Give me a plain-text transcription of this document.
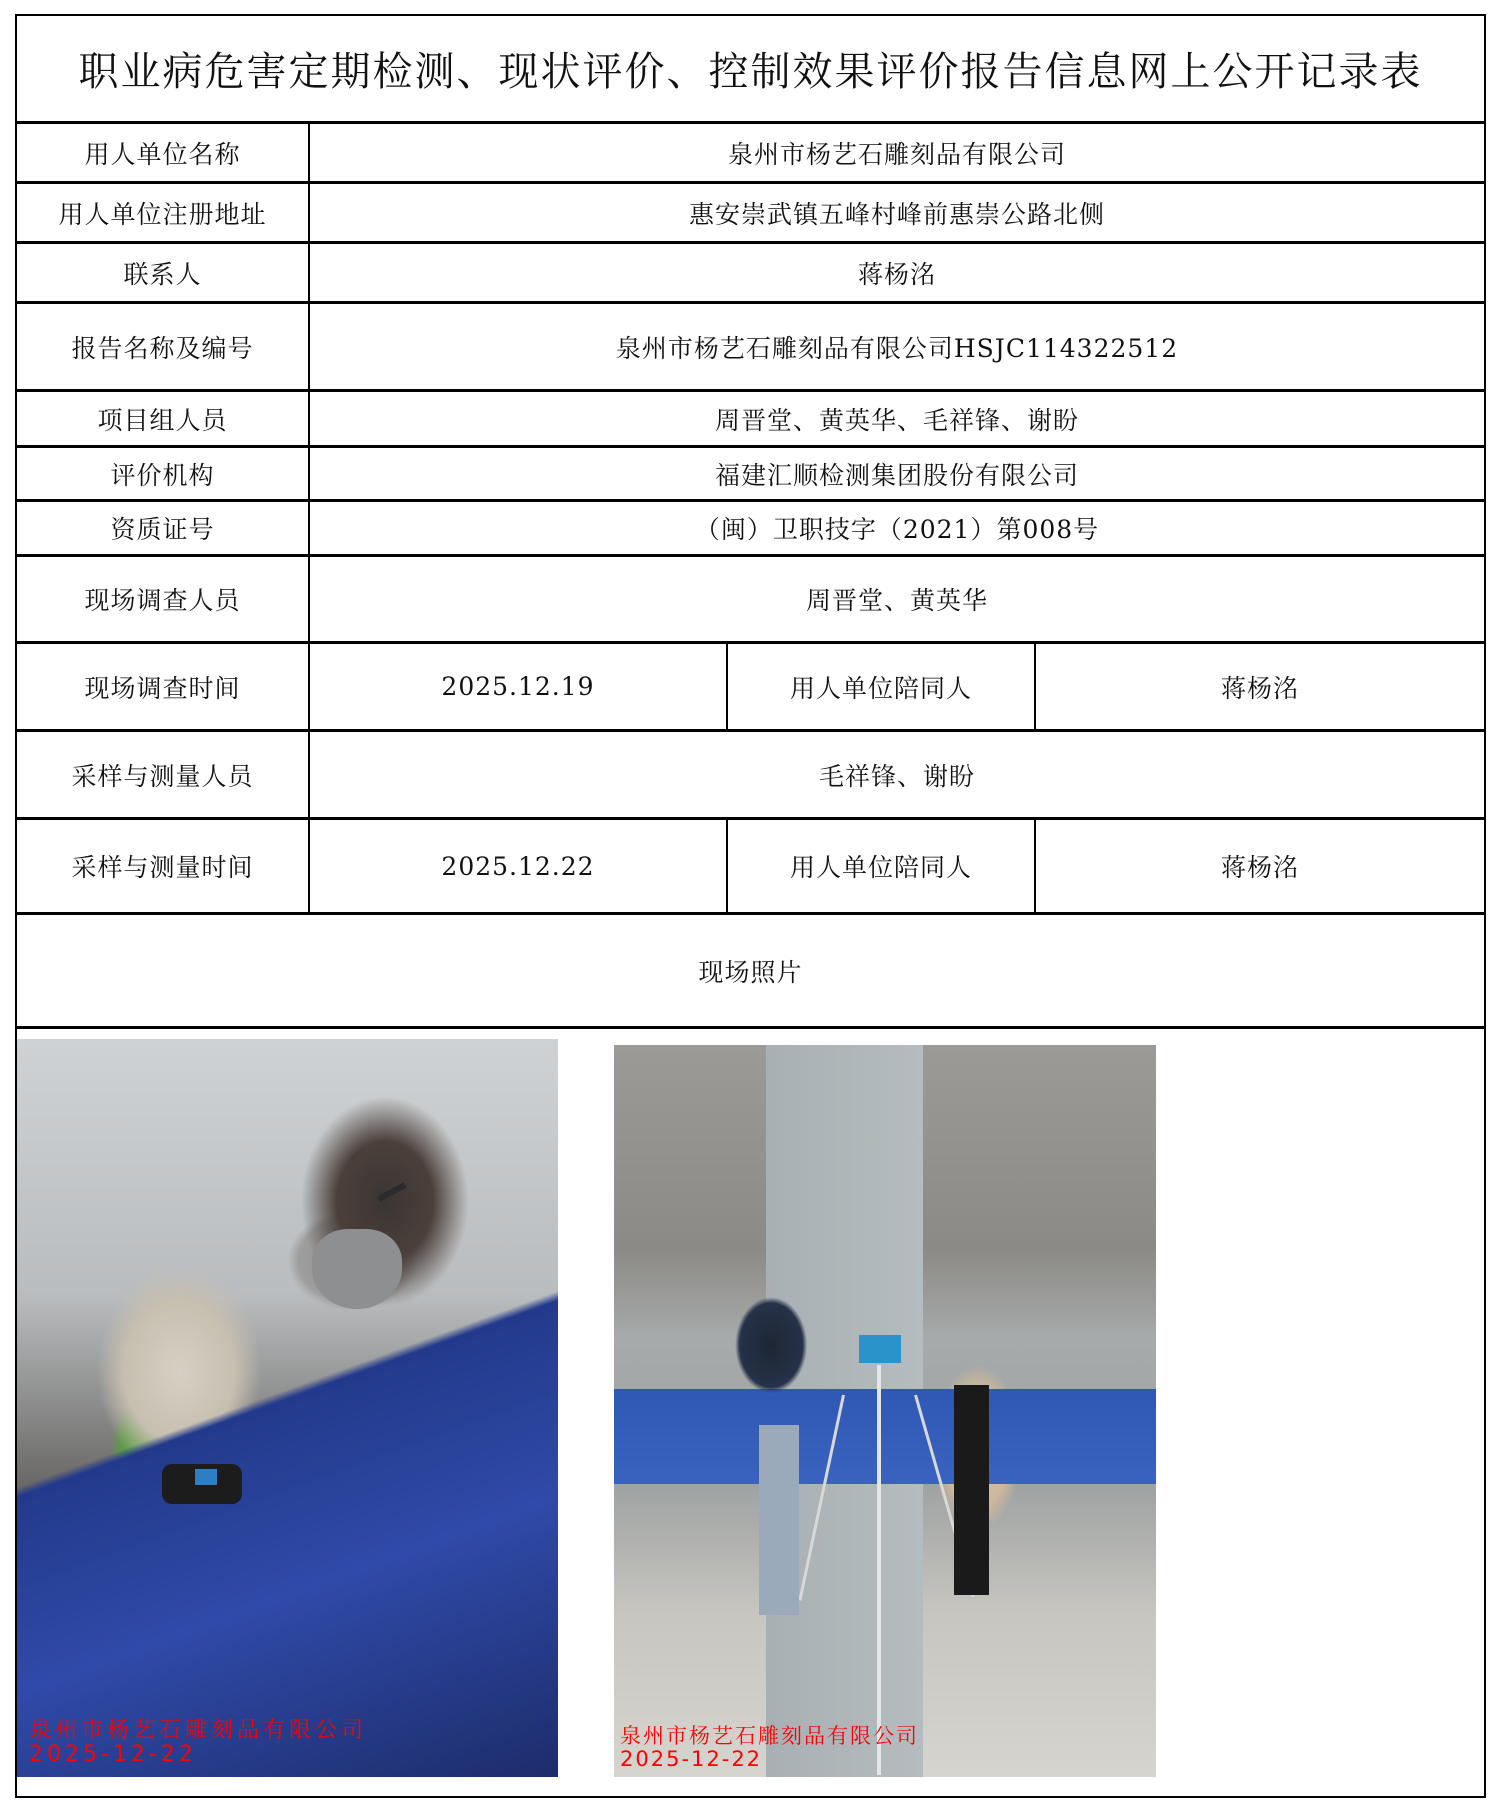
职业病危害定期检测、现状评价、控制效果评价报告信息网上公开记录表
用人单位名称	泉州市杨艺石雕刻品有限公司
用人单位注册地址	惠安崇武镇五峰村峰前惠崇公路北侧
联系人	蒋杨洺
报告名称及编号	泉州市杨艺石雕刻品有限公司HSJC114322512
项目组人员	周晋堂、黄英华、毛祥锋、谢盼
评价机构	福建汇顺检测集团股份有限公司
资质证号	（闽）卫职技字（2021）第008号
现场调查人员	周晋堂、黄英华
现场调查时间	2025.12.19	用人单位陪同人	蒋杨洺
采样与测量人员	毛祥锋、谢盼
采样与测量时间	2025.12.22	用人单位陪同人	蒋杨洺
现场照片
泉州市杨艺石雕刻品有限公司
2025-12-22
泉州市杨艺石雕刻品有限公司
2025-12-22
